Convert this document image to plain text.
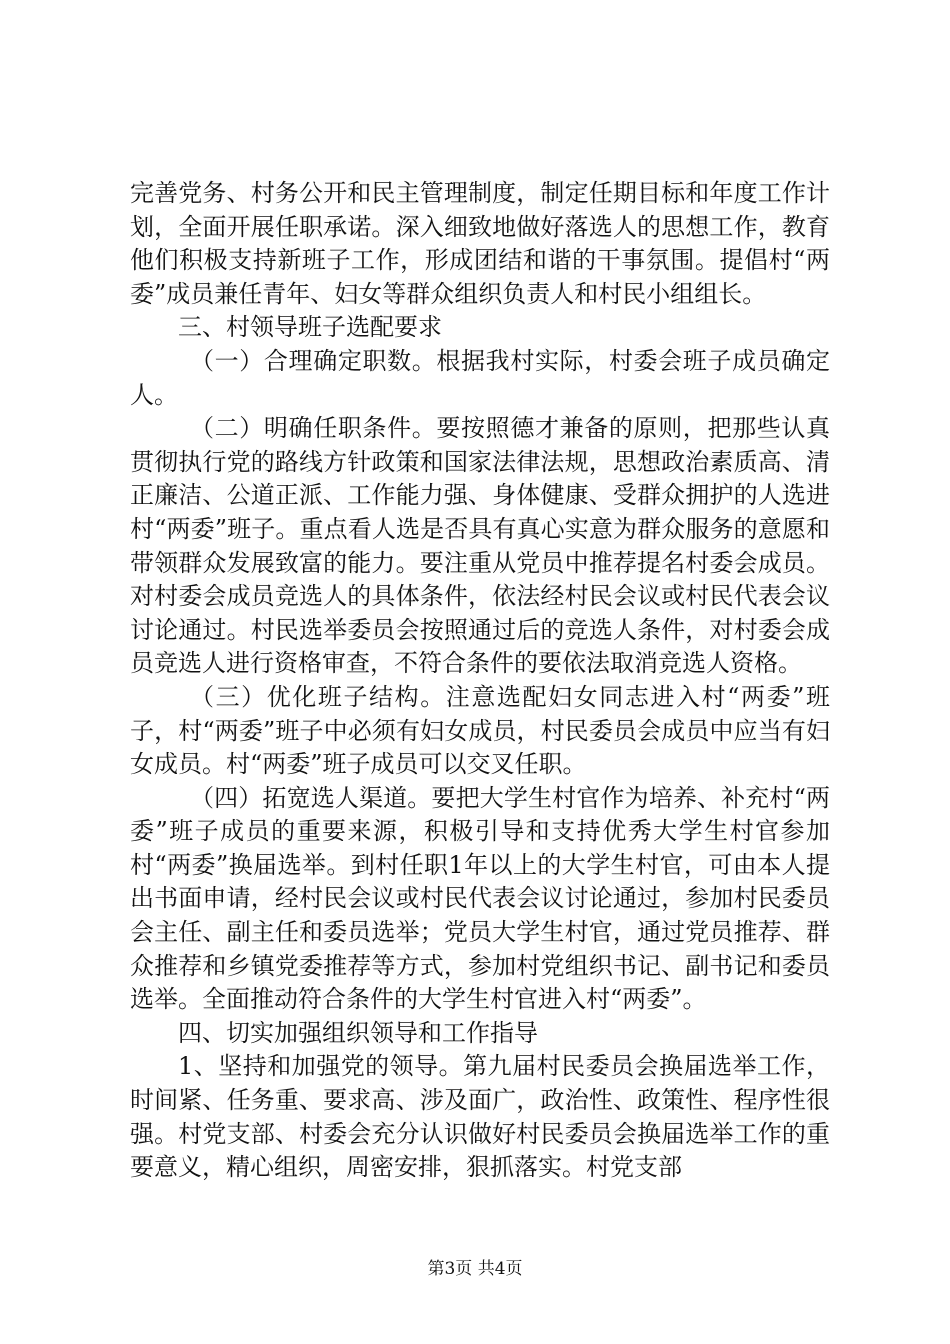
完善党务、村务公开和民主管理制度，制定任期目标和年度工作计划，全面开展任职承诺。深入细致地做好落选人的思想工作，教育他们积极支持新班子工作，形成团结和谐的干事氛围。提倡村“两委”成员兼任青年、妇女等群众组织负责人和村民小组组长。

三、村领导班子选配要求

（一）合理确定职数。根据我村实际，村委会班子成员确定人。

（二）明确任职条件。要按照德才兼备的原则，把那些认真贯彻执行党的路线方针政策和国家法律法规，思想政治素质高、清正廉洁、公道正派、工作能力强、身体健康、受群众拥护的人选进村“两委”班子。重点看人选是否具有真心实意为群众服务的意愿和带领群众发展致富的能力。要注重从党员中推荐提名村委会成员。对村委会成员竞选人的具体条件，依法经村民会议或村民代表会议讨论通过。村民选举委员会按照通过后的竞选人条件，对村委会成员竞选人进行资格审查，不符合条件的要依法取消竞选人资格。

（三）优化班子结构。注意选配妇女同志进入村“两委”班子，村“两委”班子中必须有妇女成员，村民委员会成员中应当有妇女成员。村“两委”班子成员可以交叉任职。

（四）拓宽选人渠道。要把大学生村官作为培养、补充村“两委”班子成员的重要来源，积极引导和支持优秀大学生村官参加村“两委”换届选举。到村任职1年以上的大学生村官，可由本人提出书面申请，经村民会议或村民代表会议讨论通过，参加村民委员会主任、副主任和委员选举；党员大学生村官，通过党员推荐、群众推荐和乡镇党委推荐等方式，参加村党组织书记、副书记和委员选举。全面推动符合条件的大学生村官进入村“两委”。

四、切实加强组织领导和工作指导

1、坚持和加强党的领导。第九届村民委员会换届选举工作，时间紧、任务重、要求高、涉及面广，政治性、政策性、程序性很强。村党支部、村委会充分认识做好村民委员会换届选举工作的重要意义，精心组织，周密安排，狠抓落实。村党支部

第3页 共4页
